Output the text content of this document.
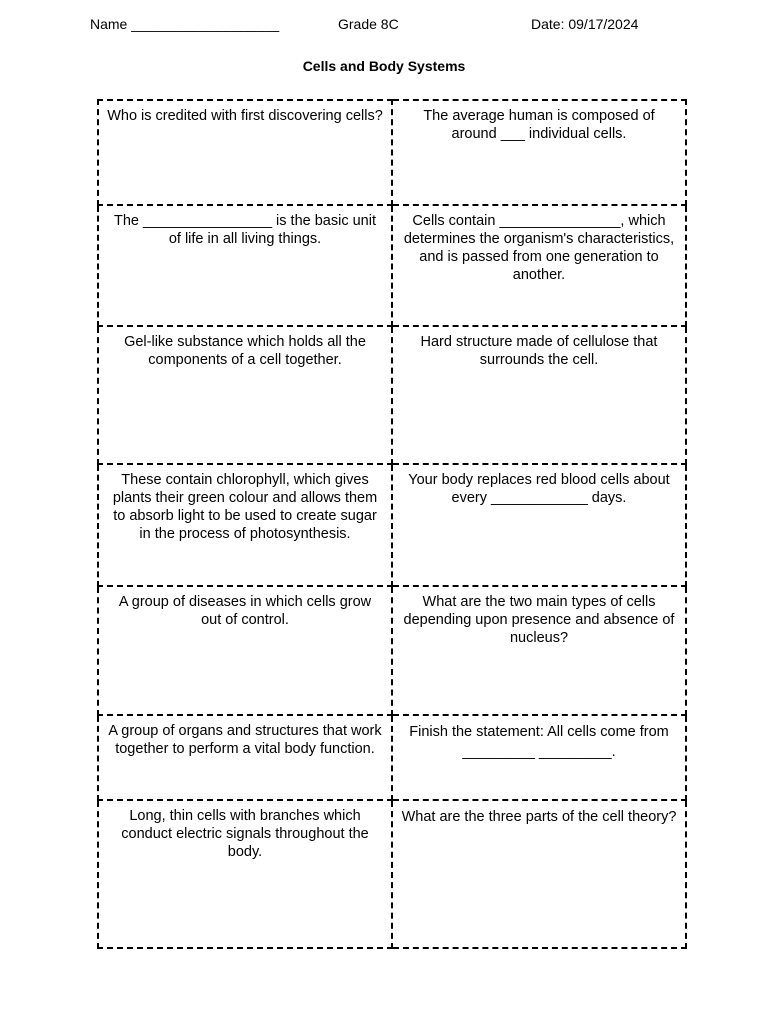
Name ___________________	Grade 8C	Date: 09/17/2024
Cells and Body Systems
Who is credited with first discovering cells?	The average human is composed of around ___ individual cells.

The ________________ is the basic unit of life in all living things.	Cells contain _______________, which determines the organism's characteristics, and is passed from one generation to another.

Gel-like substance which holds all the components of a cell together.	Hard structure made of cellulose that surrounds the cell.

These contain chlorophyll, which gives plants their green colour and allows them to absorb light to be used to create sugar in the process of photosynthesis.	Your body replaces red blood cells about every ____________ days.

A group of diseases in which cells grow out of control.	What are the two main types of cells depending upon presence and absence of nucleus?

A group of organs and structures that work together to perform a vital body function.	Finish the statement: All cells come from _________ _________.

Long, thin cells with branches which conduct electric signals throughout the body.	What are the three parts of the cell theory?
